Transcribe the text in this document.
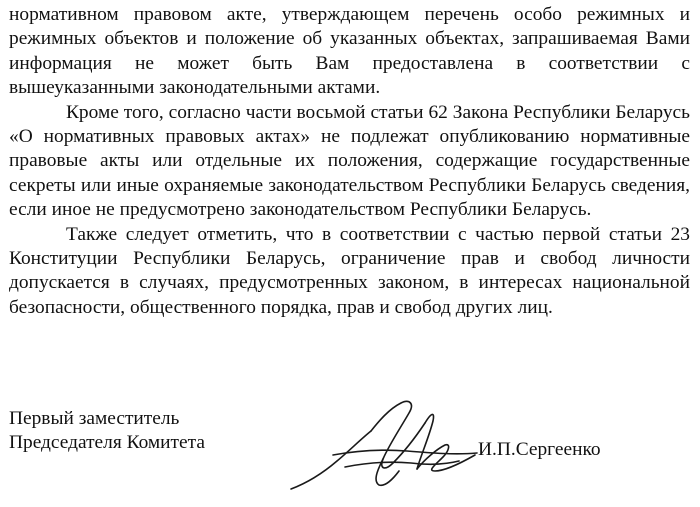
нормативном правовом акте, утверждающем перечень особо режимных и режимных объектов и положение об указанных объектах, запрашиваемая Вами информация не может быть Вам предоставлена в соответствии с вышеуказанными законодательными актами.

Кроме того, согласно части восьмой статьи 62 Закона Республики Беларусь «О нормативных правовых актах» не подлежат опубликованию нормативные правовые акты или отдельные их положения, содержащие государственные секреты или иные охраняемые законодательством Республики Беларусь сведения, если иное не предусмотрено законодательством Республики Беларусь.

Также следует отметить, что в соответствии с частью первой статьи 23 Конституции Республики Беларусь, ограничение прав и свобод личности допускается в случаях, предусмотренных законом, в интересах национальной безопасности, общественного порядка, прав и свобод других лиц.

Первый заместитель
Председателя Комитета	И.П.Сергеенко
